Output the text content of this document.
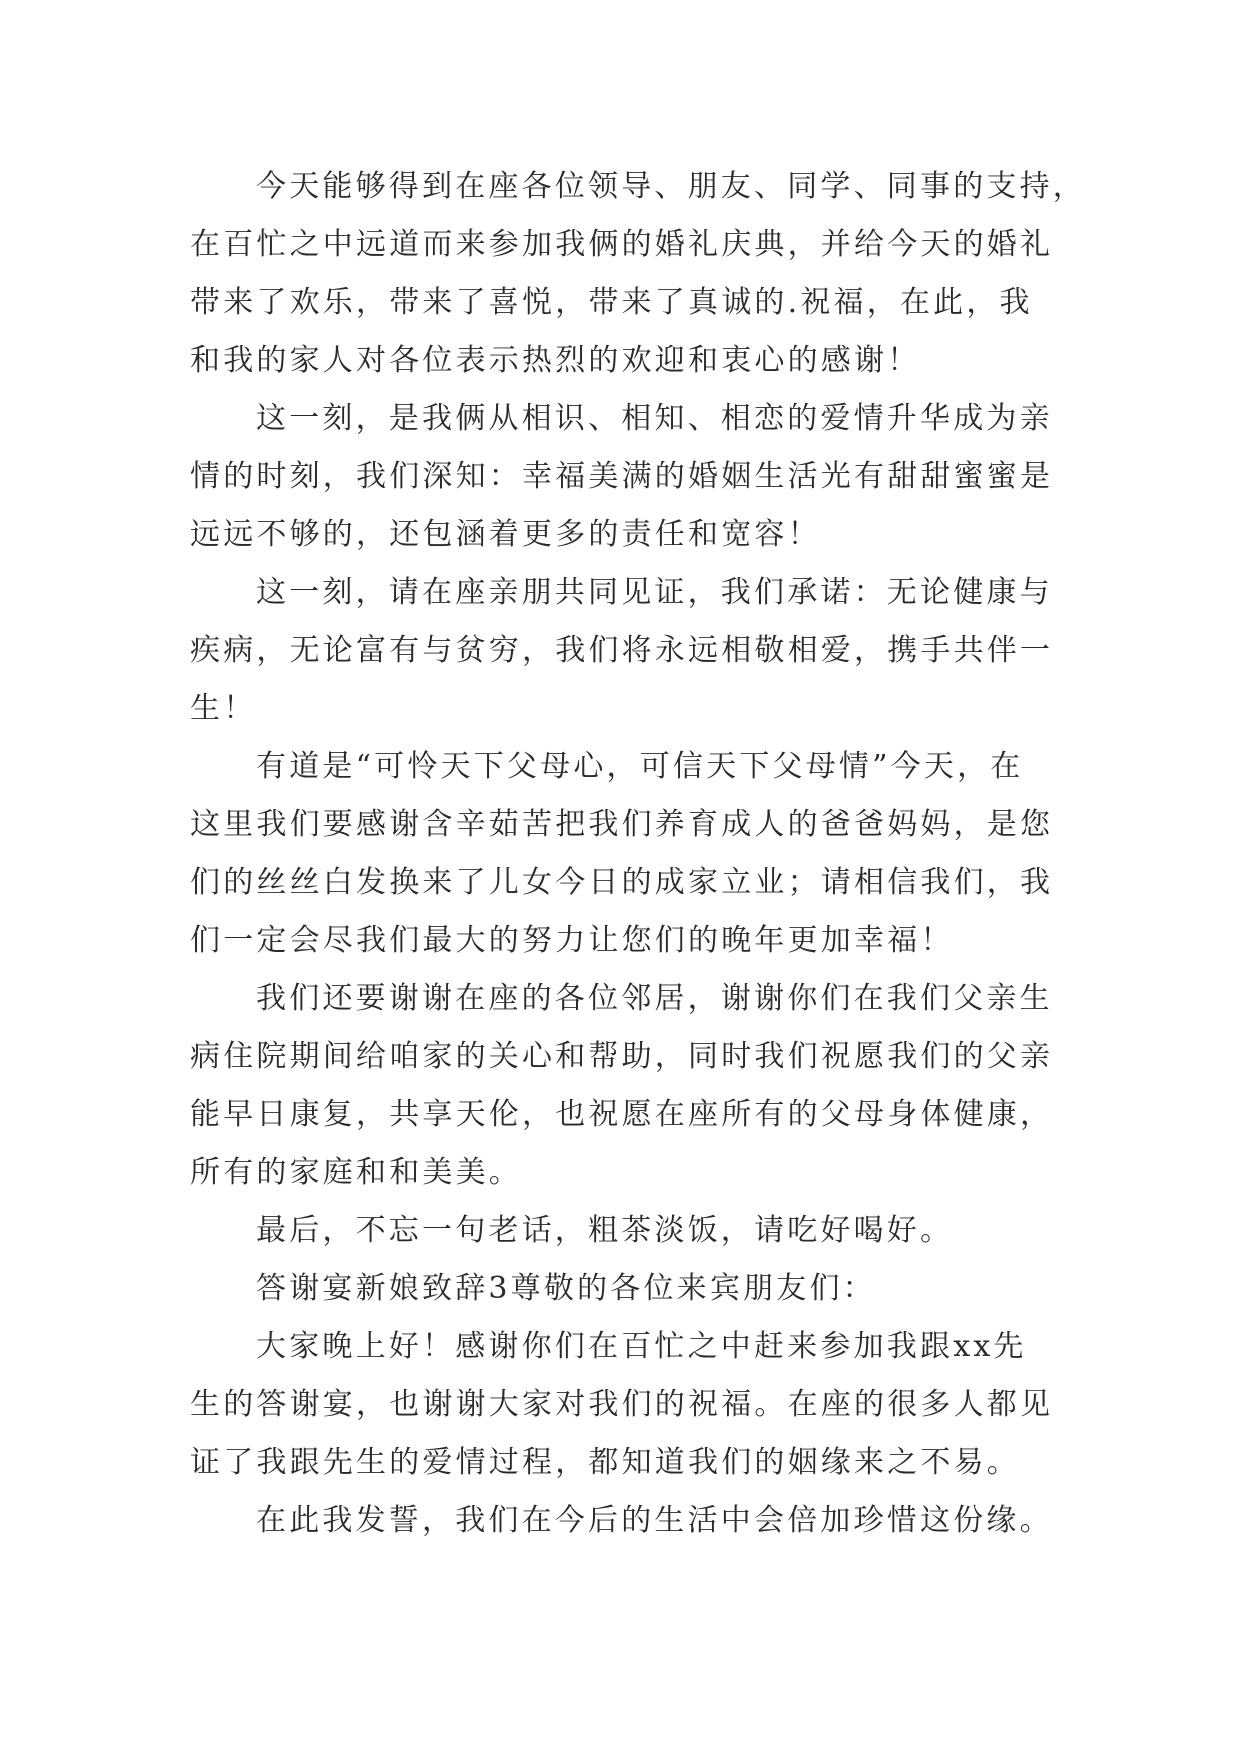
今天能够得到在座各位领导、朋友、同学、同事的支持，
在百忙之中远道而来参加我俩的婚礼庆典，并给今天的婚礼
带来了欢乐，带来了喜悦，带来了真诚的.祝福，在此，我
和我的家人对各位表示热烈的欢迎和衷心的感谢！
这一刻，是我俩从相识、相知、相恋的爱情升华成为亲
情的时刻，我们深知：幸福美满的婚姻生活光有甜甜蜜蜜是
远远不够的，还包涵着更多的责任和宽容！
这一刻，请在座亲朋共同见证，我们承诺：无论健康与
疾病，无论富有与贫穷，我们将永远相敬相爱，携手共伴一
生！
有道是“可怜天下父母心，可信天下父母情”今天，在
这里我们要感谢含辛茹苦把我们养育成人的爸爸妈妈，是您
们的丝丝白发换来了儿女今日的成家立业；请相信我们，我
们一定会尽我们最大的努力让您们的晚年更加幸福！
我们还要谢谢在座的各位邻居，谢谢你们在我们父亲生
病住院期间给咱家的关心和帮助，同时我们祝愿我们的父亲
能早日康复，共享天伦，也祝愿在座所有的父母身体健康，
所有的家庭和和美美。
最后，不忘一句老话，粗茶淡饭，请吃好喝好。
答谢宴新娘致辞3尊敬的各位来宾朋友们：
大家晚上好！感谢你们在百忙之中赶来参加我跟xx先
生的答谢宴，也谢谢大家对我们的祝福。在座的很多人都见
证了我跟先生的爱情过程，都知道我们的姻缘来之不易。
在此我发誓，我们在今后的生活中会倍加珍惜这份缘。
